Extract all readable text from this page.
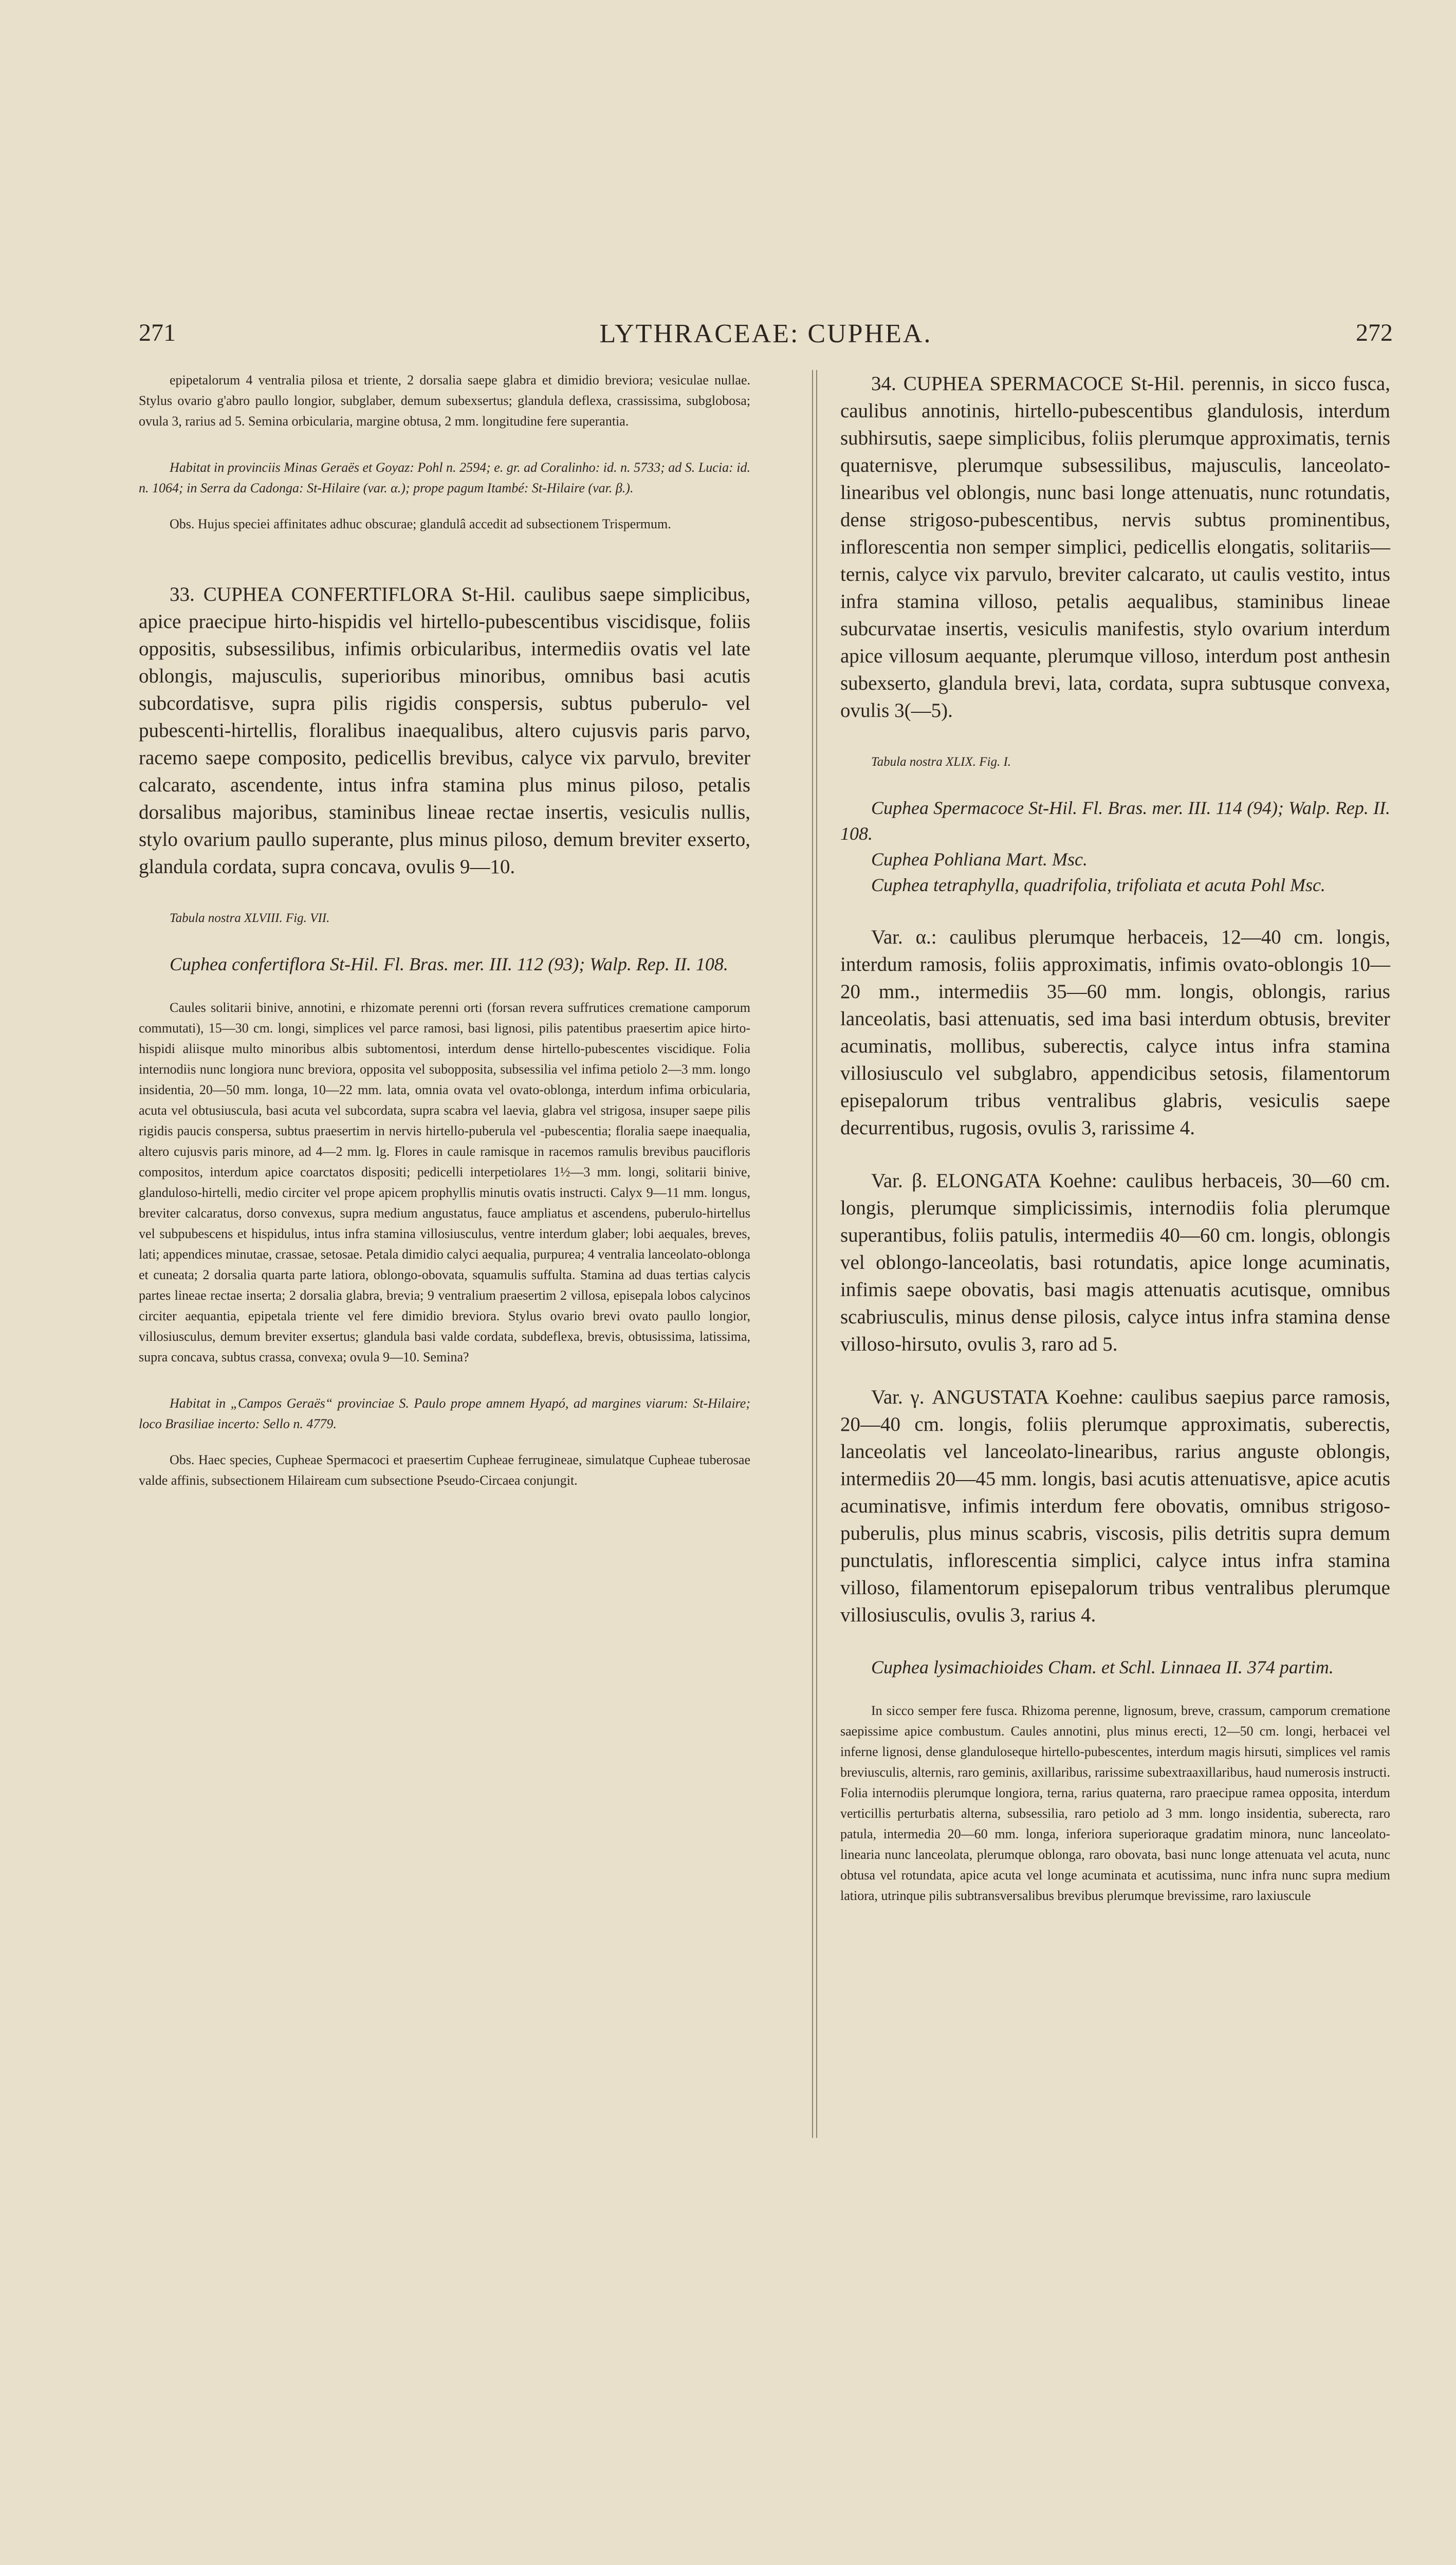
LYTHRACEAE: CUPHEA.
271	272

epipetalorum 4 ventralia pilosa et triente, 2 dorsalia saepe glabra et dimidio breviora; vesiculae nullae. Stylus ovario g'abro paullo longior, subglaber, demum subexsertus; glandula deflexa, crassissima, subglobosa; ovula 3, rarius ad 5. Semina orbicularia, margine obtusa, 2 mm. longitudine fere superantia.

Habitat in provinciis Minas Geraës et Goyaz: Pohl n. 2594; e. gr. ad Coralinho: id. n. 5733; ad S. Lucia: id. n. 1064; in Serra da Cadonga: St-Hilaire (var. α.); prope pagum Itambé: St-Hilaire (var. β.).

Obs. Hujus speciei affinitates adhuc obscurae; glandulâ accedit ad subsectionem Trispermum.

33. CUPHEA CONFERTIFLORA St-Hil. caulibus saepe simplicibus, apice praecipue hirto-hispidis vel hirtello-pubescentibus viscidisque, foliis oppositis, subsessilibus, infimis orbicularibus, intermediis ovatis vel late oblongis, majusculis, superioribus minoribus, omnibus basi acutis subcordatisve, supra pilis rigidis conspersis, subtus puberulo- vel pubescenti-hirtellis, floralibus inaequalibus, altero cujusvis paris parvo, racemo saepe composito, pedicellis brevibus, calyce vix parvulo, breviter calcarato, ascendente, intus infra stamina plus minus piloso, petalis dorsalibus majoribus, staminibus lineae rectae insertis, vesiculis nullis, stylo ovarium paullo superante, plus minus piloso, demum breviter exserto, glandula cordata, supra concava, ovulis 9—10.

Tabula nostra XLVIII. Fig. VII.

Cuphea confertiflora St-Hil. Fl. Bras. mer. III. 112 (93); Walp. Rep. II. 108.

Caules solitarii binive, annotini, e rhizomate perenni orti (forsan revera suffrutices crematione camporum commutati), 15—30 cm. longi, simplices vel parce ramosi, basi lignosi, pilis patentibus praesertim apice hirto-hispidi aliisque multo minoribus albis subtomentosi, interdum dense hirtello-pubescentes viscidique. Folia internodiis nunc longiora nunc breviora, opposita vel subopposita, subsessilia vel infima petiolo 2—3 mm. longo insidentia, 20—50 mm. longa, 10—22 mm. lata, omnia ovata vel ovato-oblonga, interdum infima orbicularia, acuta vel obtusiuscula, basi acuta vel subcordata, supra scabra vel laevia, glabra vel strigosa, insuper saepe pilis rigidis paucis conspersa, subtus praesertim in nervis hirtello-puberula vel -pubescentia; floralia saepe inaequalia, altero cujusvis paris minore, ad 4—2 mm. lg. Flores in caule ramisque in racemos ramulis brevibus paucifloris compositos, interdum apice coarctatos dispositi; pedicelli interpetiolares 1½—3 mm. longi, solitarii binive, glanduloso-hirtelli, medio circiter vel prope apicem prophyllis minutis ovatis instructi. Calyx 9—11 mm. longus, breviter calcaratus, dorso convexus, supra medium angustatus, fauce ampliatus et ascendens, puberulo-hirtellus vel subpubescens et hispidulus, intus infra stamina villosiusculus, ventre interdum glaber; lobi aequales, breves, lati; appendices minutae, crassae, setosae. Petala dimidio calyci aequalia, purpurea; 4 ventralia lanceolato-oblonga et cuneata; 2 dorsalia quarta parte latiora, oblongo-obovata, squamulis suffulta. Stamina ad duas tertias calycis partes lineae rectae inserta; 2 dorsalia glabra, brevia; 9 ventralium praesertim 2 villosa, episepala lobos calycinos circiter aequantia, epipetala triente vel fere dimidio breviora. Stylus ovario brevi ovato paullo longior, villosiusculus, demum breviter exsertus; glandula basi valde cordata, subdeflexa, brevis, obtusissima, latissima, supra concava, subtus crassa, convexa; ovula 9—10. Semina?

Habitat in „Campos Geraës“ provinciae S. Paulo prope amnem Hyapó, ad margines viarum: St-Hilaire; loco Brasiliae incerto: Sello n. 4779.

Obs. Haec species, Cupheae Spermacoci et praesertim Cupheae ferrugineae, simulatque Cupheae tuberosae valde affinis, subsectionem Hilaiream cum subsectione Pseudo-Circaea conjungit.

34. CUPHEA SPERMACOCE St-Hil. perennis, in sicco fusca, caulibus annotinis, hirtello-pubescentibus glandulosis, interdum subhirsutis, saepe simplicibus, foliis plerumque approximatis, ternis quaternisve, plerumque subsessilibus, majusculis, lanceolato-linearibus vel oblongis, nunc basi longe attenuatis, nunc rotundatis, dense strigoso-pubescentibus, nervis subtus prominentibus, inflorescentia non semper simplici, pedicellis elongatis, solitariis—ternis, calyce vix parvulo, breviter calcarato, ut caulis vestito, intus infra stamina villoso, petalis aequalibus, staminibus lineae subcurvatae insertis, vesiculis manifestis, stylo ovarium interdum apice villosum aequante, plerumque villoso, interdum post anthesin subexserto, glandula brevi, lata, cordata, supra subtusque convexa, ovulis 3(—5).

Tabula nostra XLIX. Fig. I.

Cuphea Spermacoce St-Hil. Fl. Bras. mer. III. 114 (94); Walp. Rep. II. 108.

Cuphea Pohliana Mart. Msc.

Cuphea tetraphylla, quadrifolia, trifoliata et acuta Pohl Msc.

Var. α.: caulibus plerumque herbaceis, 12—40 cm. longis, interdum ramosis, foliis approximatis, infimis ovato-oblongis 10—20 mm., intermediis 35—60 mm. longis, oblongis, rarius lanceolatis, basi attenuatis, sed ima basi interdum obtusis, breviter acuminatis, mollibus, suberectis, calyce intus infra stamina villosiusculo vel subglabro, appendicibus setosis, filamentorum episepalorum tribus ventralibus glabris, vesiculis saepe decurrentibus, rugosis, ovulis 3, rarissime 4.

Var. β. ELONGATA Koehne: caulibus herbaceis, 30—60 cm. longis, plerumque simplicissimis, internodiis folia plerumque superantibus, foliis patulis, intermediis 40—60 cm. longis, oblongis vel oblongo-lanceolatis, basi rotundatis, apice longe acuminatis, infimis saepe obovatis, basi magis attenuatis acutisque, omnibus scabriusculis, minus dense pilosis, calyce intus infra stamina dense villoso-hirsuto, ovulis 3, raro ad 5.

Var. γ. ANGUSTATA Koehne: caulibus saepius parce ramosis, 20—40 cm. longis, foliis plerumque approximatis, suberectis, lanceolatis vel lanceolato-linearibus, rarius anguste oblongis, intermediis 20—45 mm. longis, basi acutis attenuatisve, apice acutis acuminatisve, infimis interdum fere obovatis, omnibus strigoso-puberulis, plus minus scabris, viscosis, pilis detritis supra demum punctulatis, inflorescentia simplici, calyce intus infra stamina villoso, filamentorum episepalorum tribus ventralibus plerumque villosiusculis, ovulis 3, rarius 4.

Cuphea lysimachioides Cham. et Schl. Linnaea II. 374 partim.

In sicco semper fere fusca. Rhizoma perenne, lignosum, breve, crassum, camporum crematione saepissime apice combustum. Caules annotini, plus minus erecti, 12—50 cm. longi, herbacei vel inferne lignosi, dense glanduloseque hirtello-pubescentes, interdum magis hirsuti, simplices vel ramis breviusculis, alternis, raro geminis, axillaribus, rarissime subextraaxillaribus, haud numerosis instructi. Folia internodiis plerumque longiora, terna, rarius quaterna, raro praecipue ramea opposita, interdum verticillis perturbatis alterna, subsessilia, raro petiolo ad 3 mm. longo insidentia, suberecta, raro patula, intermedia 20—60 mm. longa, inferiora superioraque gradatim minora, nunc lanceolato-linearia nunc lanceolata, plerumque oblonga, raro obovata, basi nunc longe attenuata vel acuta, nunc obtusa vel rotundata, apice acuta vel longe acuminata et acutissima, nunc infra nunc supra medium latiora, utrinque pilis subtransversalibus brevibus plerumque brevissime, raro laxiuscule
